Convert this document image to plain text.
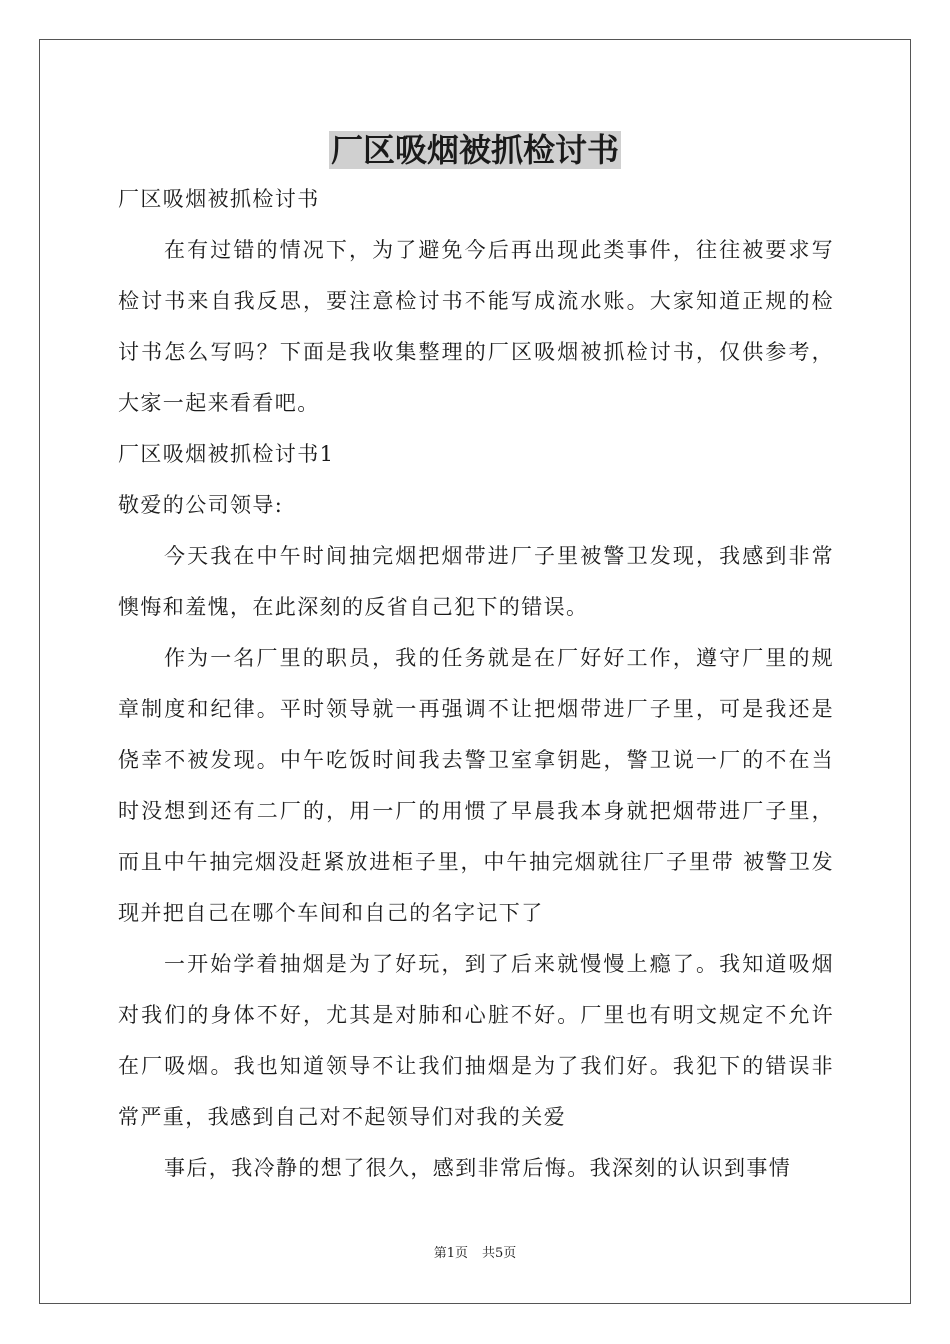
厂区吸烟被抓检讨书

厂区吸烟被抓检讨书

在有过错的情况下，为了避免今后再出现此类事件，往往被要求写检讨书来自我反思，要注意检讨书不能写成流水账。大家知道正规的检讨书怎么写吗？下面是我收集整理的厂区吸烟被抓检讨书，仅供参考，大家一起来看看吧。

厂区吸烟被抓检讨书1

敬爱的公司领导:

今天我在中午时间抽完烟把烟带进厂子里被警卫发现，我感到非常懊悔和羞愧，在此深刻的反省自己犯下的错误。

作为一名厂里的职员，我的任务就是在厂好好工作，遵守厂里的规章制度和纪律。平时领导就一再强调不让把烟带进厂子里，可是我还是侥幸不被发现。中午吃饭时间我去警卫室拿钥匙，警卫说一厂的不在当时没想到还有二厂的，用一厂的用惯了早晨我本身就把烟带进厂子里，而且中午抽完烟没赶紧放进柜子里，中午抽完烟就往厂子里带 被警卫发现并把自己在哪个车间和自己的名字记下了

一开始学着抽烟是为了好玩，到了后来就慢慢上瘾了。我知道吸烟对我们的身体不好，尤其是对肺和心脏不好。厂里也有明文规定不允许在厂吸烟。我也知道领导不让我们抽烟是为了我们好。我犯下的错误非常严重，我感到自己对不起领导们对我的关爱

事后，我冷静的想了很久，感到非常后悔。我深刻的认识到事情

第1页 共5页
